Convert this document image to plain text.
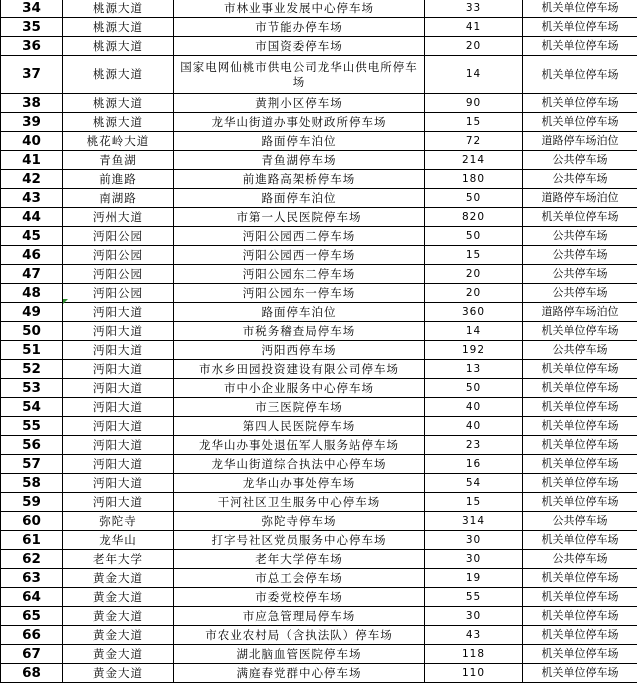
34	桃源大道	市林业事业发展中心停车场	33	机关单位停车场
35	桃源大道	市节能办停车场	41	机关单位停车场
36	桃源大道	市国资委停车场	20	机关单位停车场
37	桃源大道	国家电网仙桃市供电公司龙华山供电所停车场	14	机关单位停车场
38	桃源大道	黄荆小区停车场	90	机关单位停车场
39	桃源大道	龙华山街道办事处财政所停车场	15	机关单位停车场
40	桃花岭大道	路面停车泊位	72	道路停车场泊位
41	青鱼湖	青鱼湖停车场	214	公共停车场
42	前進路	前進路高架桥停车场	180	公共停车场
43	南湖路	路面停车泊位	50	道路停车场泊位
44	沔州大道	市第一人民医院停车场	820	机关单位停车场
45	沔阳公园	沔阳公园西二停车场	50	公共停车场
46	沔阳公园	沔阳公园西一停车场	15	公共停车场
47	沔阳公园	沔阳公园东二停车场	20	公共停车场
48	沔阳公园	沔阳公园东一停车场	20	公共停车场
49	沔阳大道	路面停车泊位	360	道路停车场泊位
50	沔阳大道	市税务稽查局停车场	14	机关单位停车场
51	沔阳大道	沔阳西停车场	192	公共停车场
52	沔阳大道	市水乡田园投资建设有限公司停车场	13	机关单位停车场
53	沔阳大道	市中小企业服务中心停车场	50	机关单位停车场
54	沔阳大道	市三医院停车场	40	机关单位停车场
55	沔阳大道	第四人民医院停车场	40	机关单位停车场
56	沔阳大道	龙华山办事处退伍军人服务站停车场	23	机关单位停车场
57	沔阳大道	龙华山街道综合执法中心停车场	16	机关单位停车场
58	沔阳大道	龙华山办事处停车场	54	机关单位停车场
59	沔阳大道	干河社区卫生服务中心停车场	15	机关单位停车场
60	弥陀寺	弥陀寺停车场	314	公共停车场
61	龙华山	打字号社区党员服务中心停车场	30	机关单位停车场
62	老年大学	老年大学停车场	30	公共停车场
63	黄金大道	市总工会停车场	19	机关单位停车场
64	黄金大道	市委党校停车场	55	机关单位停车场
65	黄金大道	市应急管理局停车场	30	机关单位停车场
66	黄金大道	市农业农村局（含执法队）停车场	43	机关单位停车场
67	黄金大道	湖北脑血管医院停车场	118	机关单位停车场
68	黄金大道	满庭春党群中心停车场	110	机关单位停车场
